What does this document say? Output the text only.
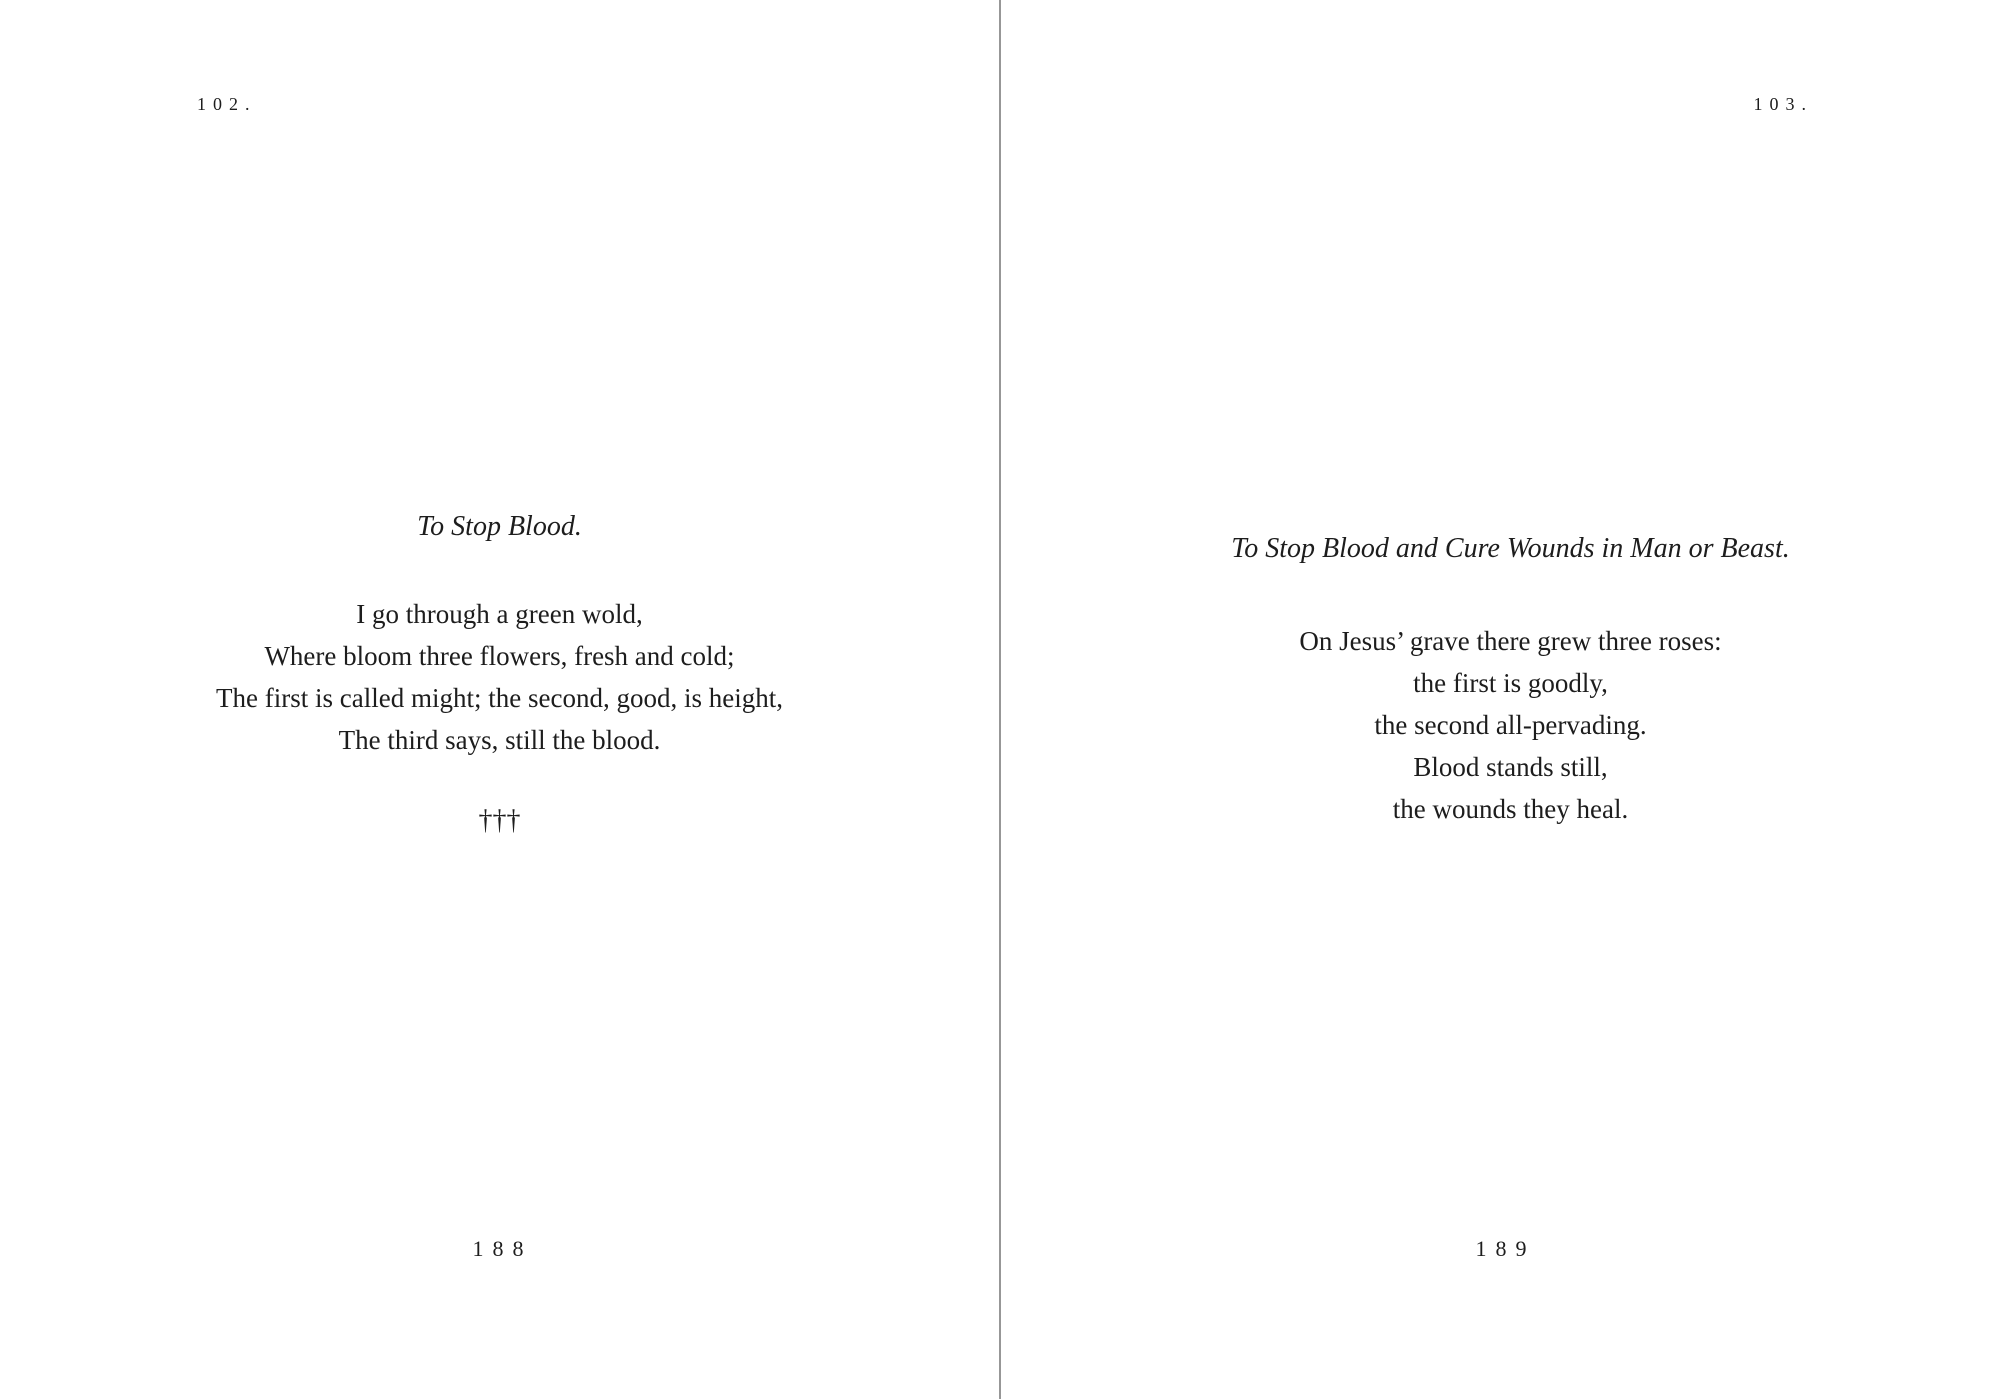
102.
To Stop Blood.
I go through a green wold,
Where bloom three flowers, fresh and cold;
The first is called might; the second, good, is height,
The third says, still the blood.
†††
188
103.
To Stop Blood and Cure Wounds in Man or Beast.
On Jesus’ grave there grew three roses:
the first is goodly,
the second all-pervading.
Blood stands still,
the wounds they heal.
189
